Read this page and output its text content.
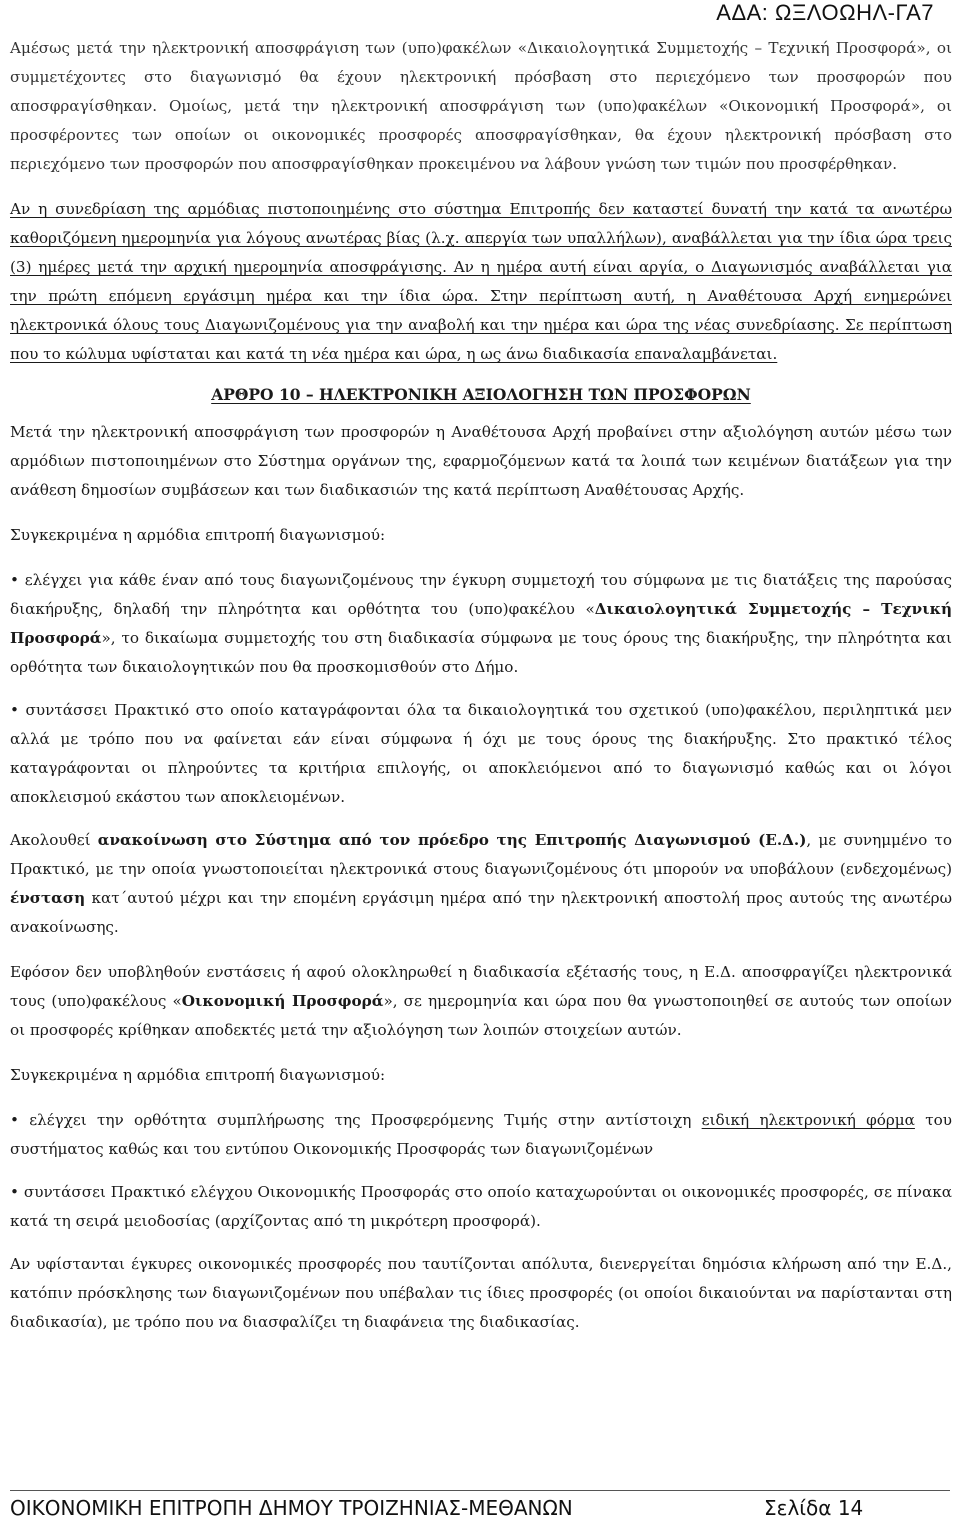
ΑΔΑ: ΩΞΛΟΩΗΛ-ΓΑ7

Αμέσως μετά την ηλεκτρονική αποσφράγιση των (υπο)φακέλων «Δικαιολογητικά Συμμετοχής – Τεχνική Προσφορά», οι συμμετέχοντες στο διαγωνισμό θα έχουν ηλεκτρονική πρόσβαση στο περιεχόμενο των προσφορών που αποσφραγίσθηκαν. Ομοίως, μετά την ηλεκτρονική αποσφράγιση των (υπο)φακέλων «Οικονομική Προσφορά», οι προσφέροντες των οποίων οι οικονομικές προσφορές αποσφραγίσθηκαν, θα έχουν ηλεκτρονική πρόσβαση στο περιεχόμενο των προσφορών που αποσφραγίσθηκαν προκειμένου να λάβουν γνώση των τιμών που προσφέρθηκαν.

Αν η συνεδρίαση της αρμόδιας πιστοποιημένης στο σύστημα Επιτροπής δεν καταστεί δυνατή την κατά τα ανωτέρω καθοριζόμενη ημερομηνία για λόγους ανωτέρας βίας (λ.χ. απεργία των υπαλλήλων), αναβάλλεται για την ίδια ώρα τρεις (3) ημέρες μετά την αρχική ημερομηνία αποσφράγισης. Αν η ημέρα αυτή είναι αργία, ο Διαγωνισμός αναβάλλεται για την πρώτη επόμενη εργάσιμη ημέρα και την ίδια ώρα. Στην περίπτωση αυτή, η Αναθέτουσα Αρχή ενημερώνει ηλεκτρονικά όλους τους Διαγωνιζομένους για την αναβολή και την ημέρα και ώρα της νέας συνεδρίασης. Σε περίπτωση που το κώλυμα υφίσταται και κατά τη νέα ημέρα και ώρα, η ως άνω διαδικασία επαναλαμβάνεται.

ΑΡΘΡΟ 10 – ΗΛΕΚΤΡΟΝΙΚΗ ΑΞΙΟΛΟΓΗΣΗ ΤΩΝ ΠΡΟΣΦΟΡΩΝ

Μετά την ηλεκτρονική αποσφράγιση των προσφορών η Αναθέτουσα Αρχή προβαίνει στην αξιολόγηση αυτών μέσω των αρμόδιων πιστοποιημένων στο Σύστημα οργάνων της, εφαρμοζόμενων κατά τα λοιπά των κειμένων διατάξεων για την ανάθεση δημοσίων συμβάσεων και των διαδικασιών της κατά περίπτωση Αναθέτουσας Αρχής.

Συγκεκριμένα η αρμόδια επιτροπή διαγωνισμού:

• ελέγχει για κάθε έναν από τους διαγωνιζομένους την έγκυρη συμμετοχή του σύμφωνα με τις διατάξεις της παρούσας διακήρυξης, δηλαδή την πληρότητα και ορθότητα του (υπο)φακέλου «Δικαιολογητικά Συμμετοχής – Τεχνική Προσφορά», το δικαίωμα συμμετοχής του στη διαδικασία σύμφωνα με τους όρους της διακήρυξης, την πληρότητα και ορθότητα των δικαιολογητικών που θα προσκομισθούν στο Δήμο.

• συντάσσει Πρακτικό στο οποίο καταγράφονται όλα τα δικαιολογητικά του σχετικού (υπο)φακέλου, περιληπτικά μεν αλλά με τρόπο που να φαίνεται εάν είναι σύμφωνα ή όχι με τους όρους της διακήρυξης. Στο πρακτικό τέλος καταγράφονται οι πληρούντες τα κριτήρια επιλογής, οι αποκλειόμενοι από το διαγωνισμό καθώς και οι λόγοι αποκλεισμού εκάστου των αποκλειομένων.

Ακολουθεί ανακοίνωση στο Σύστημα από τον πρόεδρο της Επιτροπής Διαγωνισμού (Ε.Δ.), με συνημμένο το Πρακτικό, με την οποία γνωστοποιείται ηλεκτρονικά στους διαγωνιζομένους ότι μπορούν να υποβάλουν (ενδεχομένως) ένσταση κατ΄αυτού μέχρι και την επομένη εργάσιμη ημέρα από την ηλεκτρονική αποστολή προς αυτούς της ανωτέρω ανακοίνωσης.

Εφόσον δεν υποβληθούν ενστάσεις ή αφού ολοκληρωθεί η διαδικασία εξέτασής τους, η Ε.Δ. αποσφραγίζει ηλεκτρονικά τους (υπο)φακέλους «Οικονομική Προσφορά», σε ημερομηνία και ώρα που θα γνωστοποιηθεί σε αυτούς των οποίων οι προσφορές κρίθηκαν αποδεκτές μετά την αξιολόγηση των λοιπών στοιχείων αυτών.

Συγκεκριμένα η αρμόδια επιτροπή διαγωνισμού:

• ελέγχει την ορθότητα συμπλήρωσης της Προσφερόμενης Τιμής στην αντίστοιχη ειδική ηλεκτρονική φόρμα του συστήματος καθώς και του εντύπου Οικονομικής Προσφοράς των διαγωνιζομένων

• συντάσσει Πρακτικό ελέγχου Οικονομικής Προσφοράς στο οποίο καταχωρούνται οι οικονομικές προσφορές, σε πίνακα κατά τη σειρά μειοδοσίας (αρχίζοντας από τη μικρότερη προσφορά).

Αν υφίστανται έγκυρες οικονομικές προσφορές που ταυτίζονται απόλυτα, διενεργείται δημόσια κλήρωση από την Ε.Δ., κατόπιν πρόσκλησης των διαγωνιζομένων που υπέβαλαν τις ίδιες προσφορές (οι οποίοι δικαιούνται να παρίστανται στη διαδικασία), με τρόπο που να διασφαλίζει τη διαφάνεια της διαδικασίας.

ΟΙΚΟΝΟΜΙΚΗ ΕΠΙΤΡΟΠΗ ΔΗΜΟΥ ΤΡΟΙΖΗΝΙΑΣ-ΜΕΘΑΝΩΝ	Σελίδα 14
